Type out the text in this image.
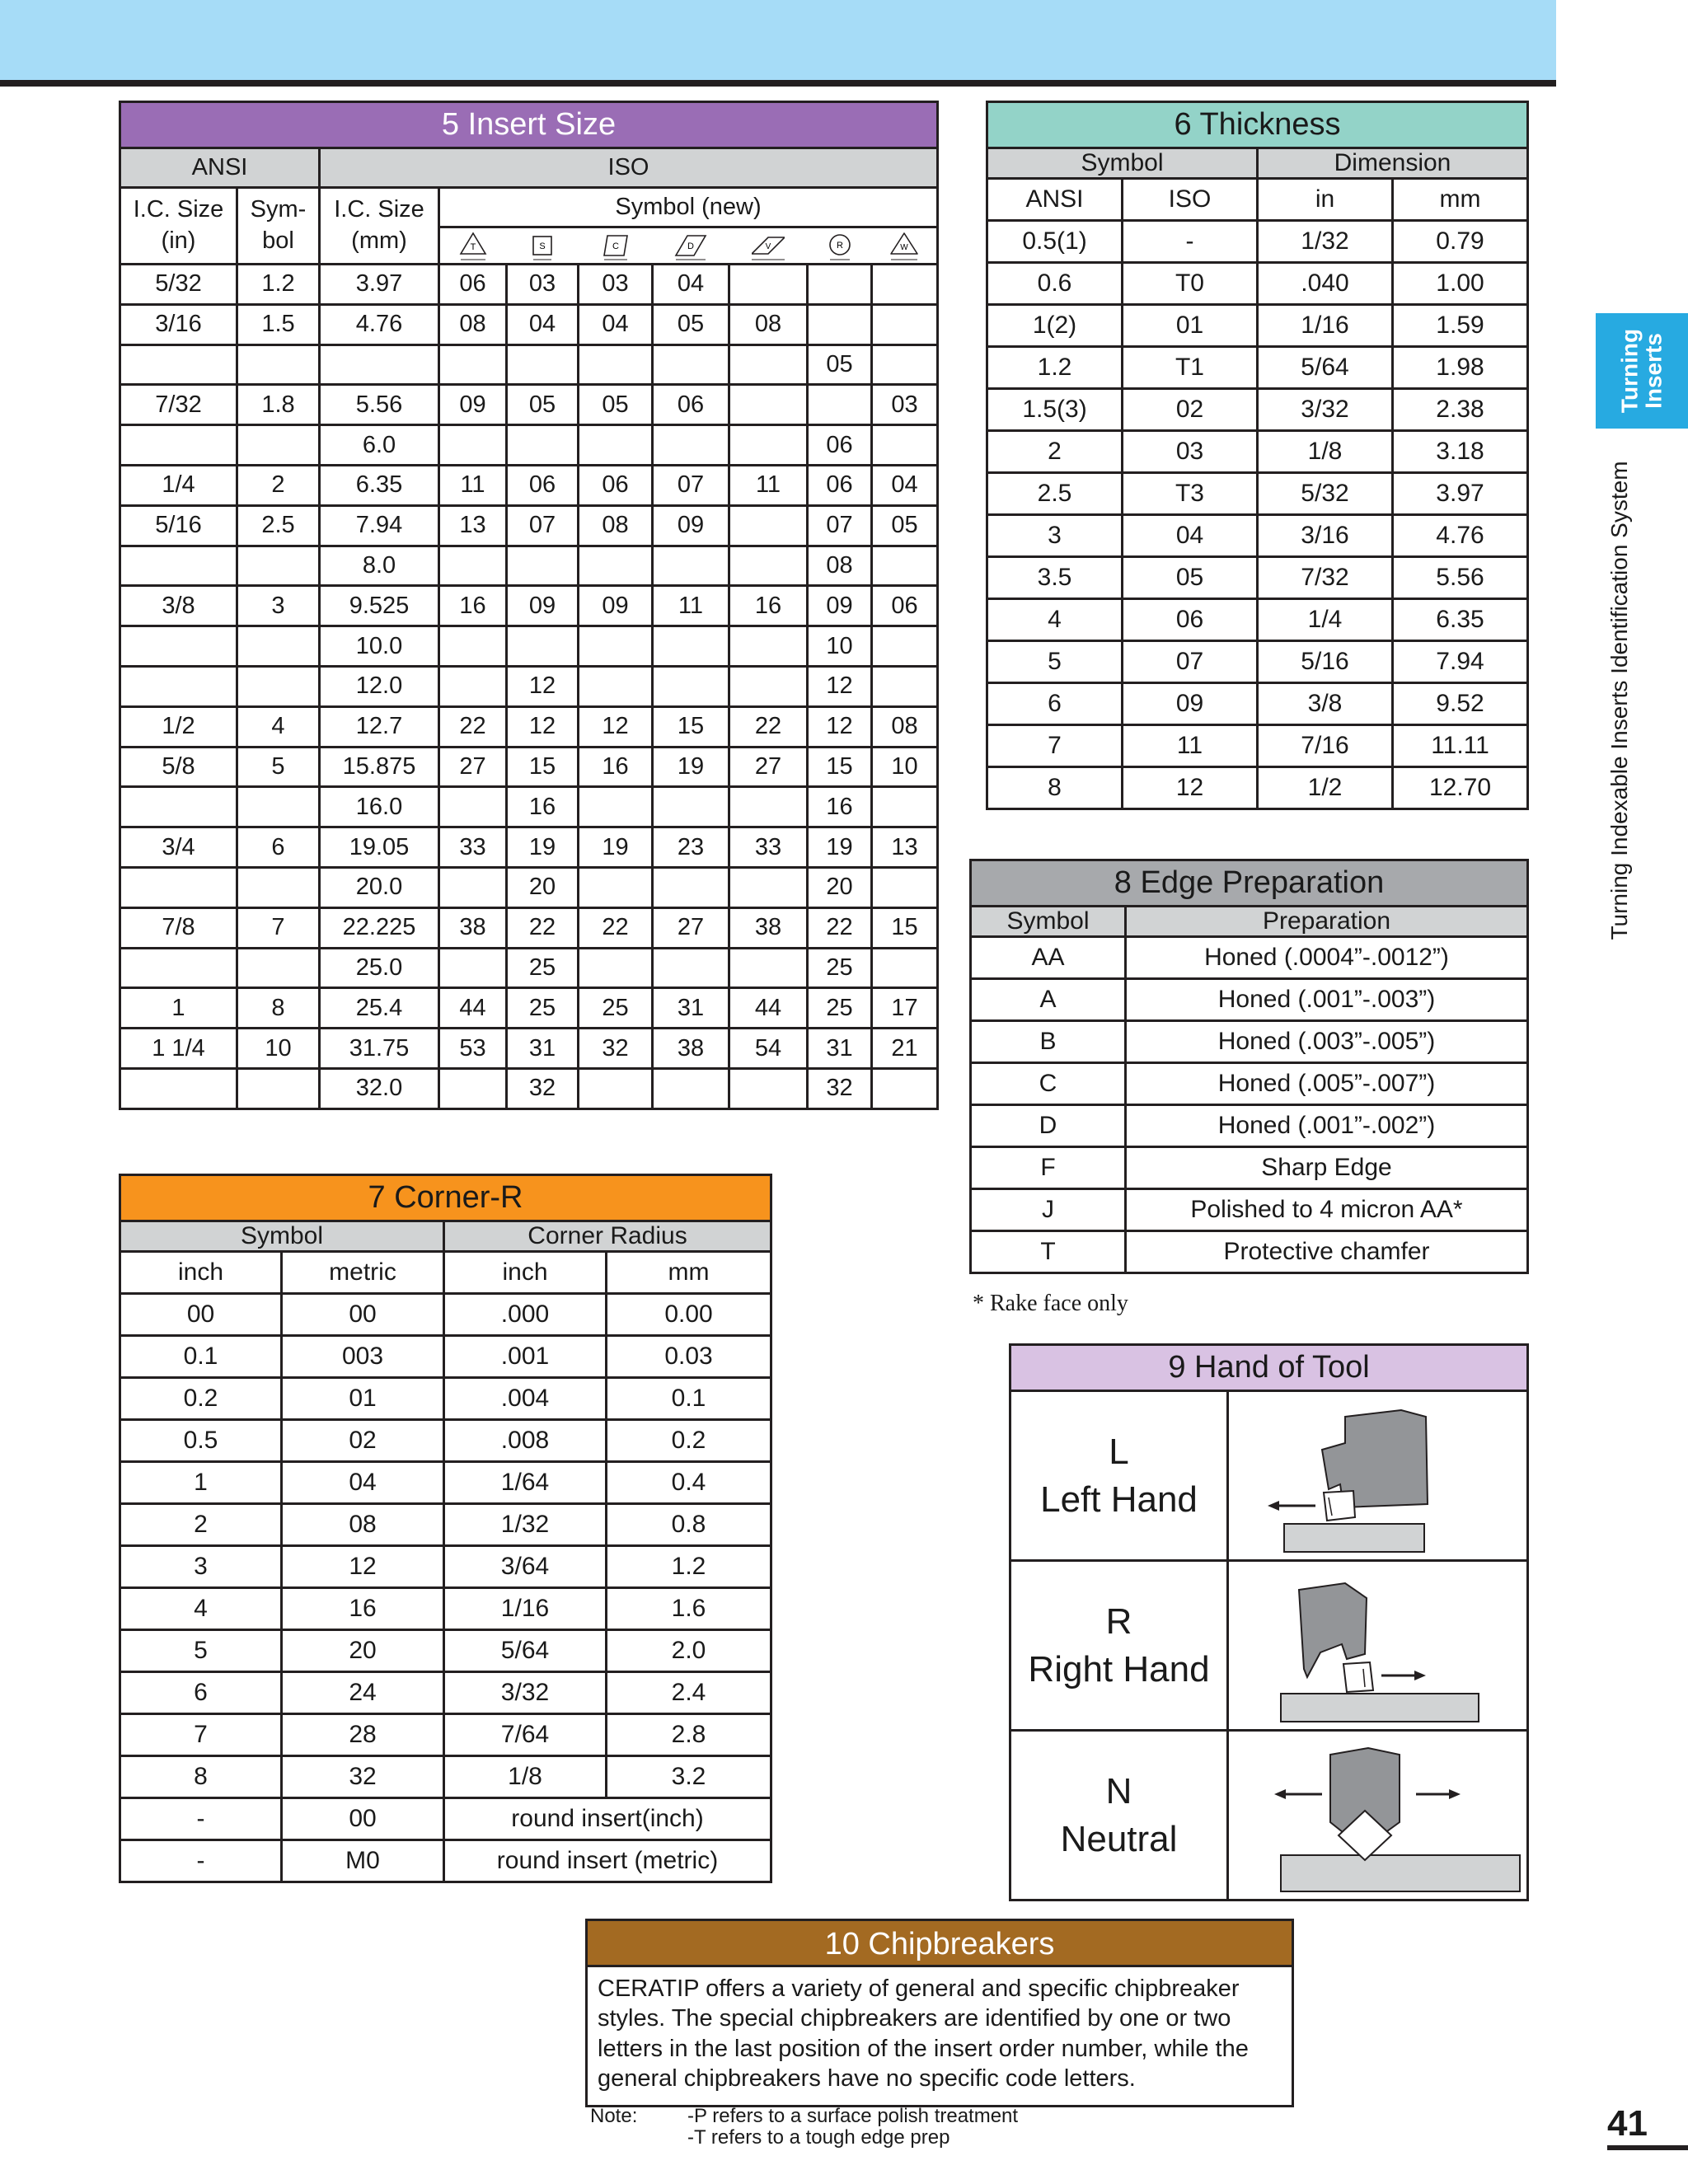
5 Insert Size									
ANSI		ISO							
I.C. Size (in)	Sym- bol	I.C. Size (mm)	Symbol (new)						

T	S	C	D	V	R	W

5/32	1.2	3.97	06	03	03	04			
3/16	1.5	4.76	08	04	04	05	08		
								05	
7/32	1.8	5.56	09	05	05	06			03
		6.0						06	
1/4	2	6.35	11	06	06	07	11	06	04
5/16	2.5	7.94	13	07	08	09		07	05
		8.0						08	
3/8	3	9.525	16	09	09	11	16	09	06
		10.0						10	
		12.0		12				12	
1/2	4	12.7	22	12	12	15	22	12	08
5/8	5	15.875	27	15	16	19	27	15	10
		16.0		16				16	
3/4	6	19.05	33	19	19	23	33	19	13
		20.0		20				20	
7/8	7	22.225	38	22	22	27	38	22	15
		25.0		25				25	
1	8	25.4	44	25	25	31	44	25	17
1 1/4	10	31.75	53	31	32	38	54	31	21
		32.0		32				32	
6 Thickness			
Symbol		Dimension	
ANSI	ISO	in	mm
0.5(1)	-	1/32	0.79
0.6	T0	.040	1.00
1(2)	01	1/16	1.59
1.2	T1	5/64	1.98
1.5(3)	02	3/32	2.38
2	03	1/8	3.18
2.5	T3	5/32	3.97
3	04	3/16	4.76
3.5	05	7/32	5.56
4	06	1/4	6.35
5	07	5/16	7.94
6	09	3/8	9.52
7	11	7/16	11.11
8	12	1/2	12.70
8 Edge Preparation	
Symbol	Preparation
AA	Honed (.0004”-.0012”)
A	Honed (.001”-.003”)
B	Honed (.003”-.005”)
C	Honed (.005”-.007”)
D	Honed (.001”-.002”)
F	Sharp Edge
J	Polished to 4 micron AA*
T	Protective chamfer
* Rake face only
7 Corner-R			
Symbol		Corner Radius	
inch	metric	inch	mm
00	00	.000	0.00
0.1	003	.001	0.03
0.2	01	.004	0.1
0.5	02	.008	0.2
1	04	1/64	0.4
2	08	1/32	0.8
3	12	3/64	1.2
4	16	1/16	1.6
5	20	5/64	2.0
6	24	3/32	2.4
7	28	7/64	2.8
8	32	1/8	3.2
-	00	round insert(inch)	
-	M0	round insert (metric)	
9 Hand of Tool	

L
Left Hand

R
Right Hand

N
Neutral

10 Chipbreakers
CERATIP offers a variety of general and specific chipbreaker styles. The special chipbreakers are identified by one or two letters in the last position of the insert order number, while the general chipbreakers have no specific code letters.
Note:	-P refers to a surface polish treatment
-T refers to a tough edge prep
Turning
Inserts
Turning Indexable Inserts Identification System
41
